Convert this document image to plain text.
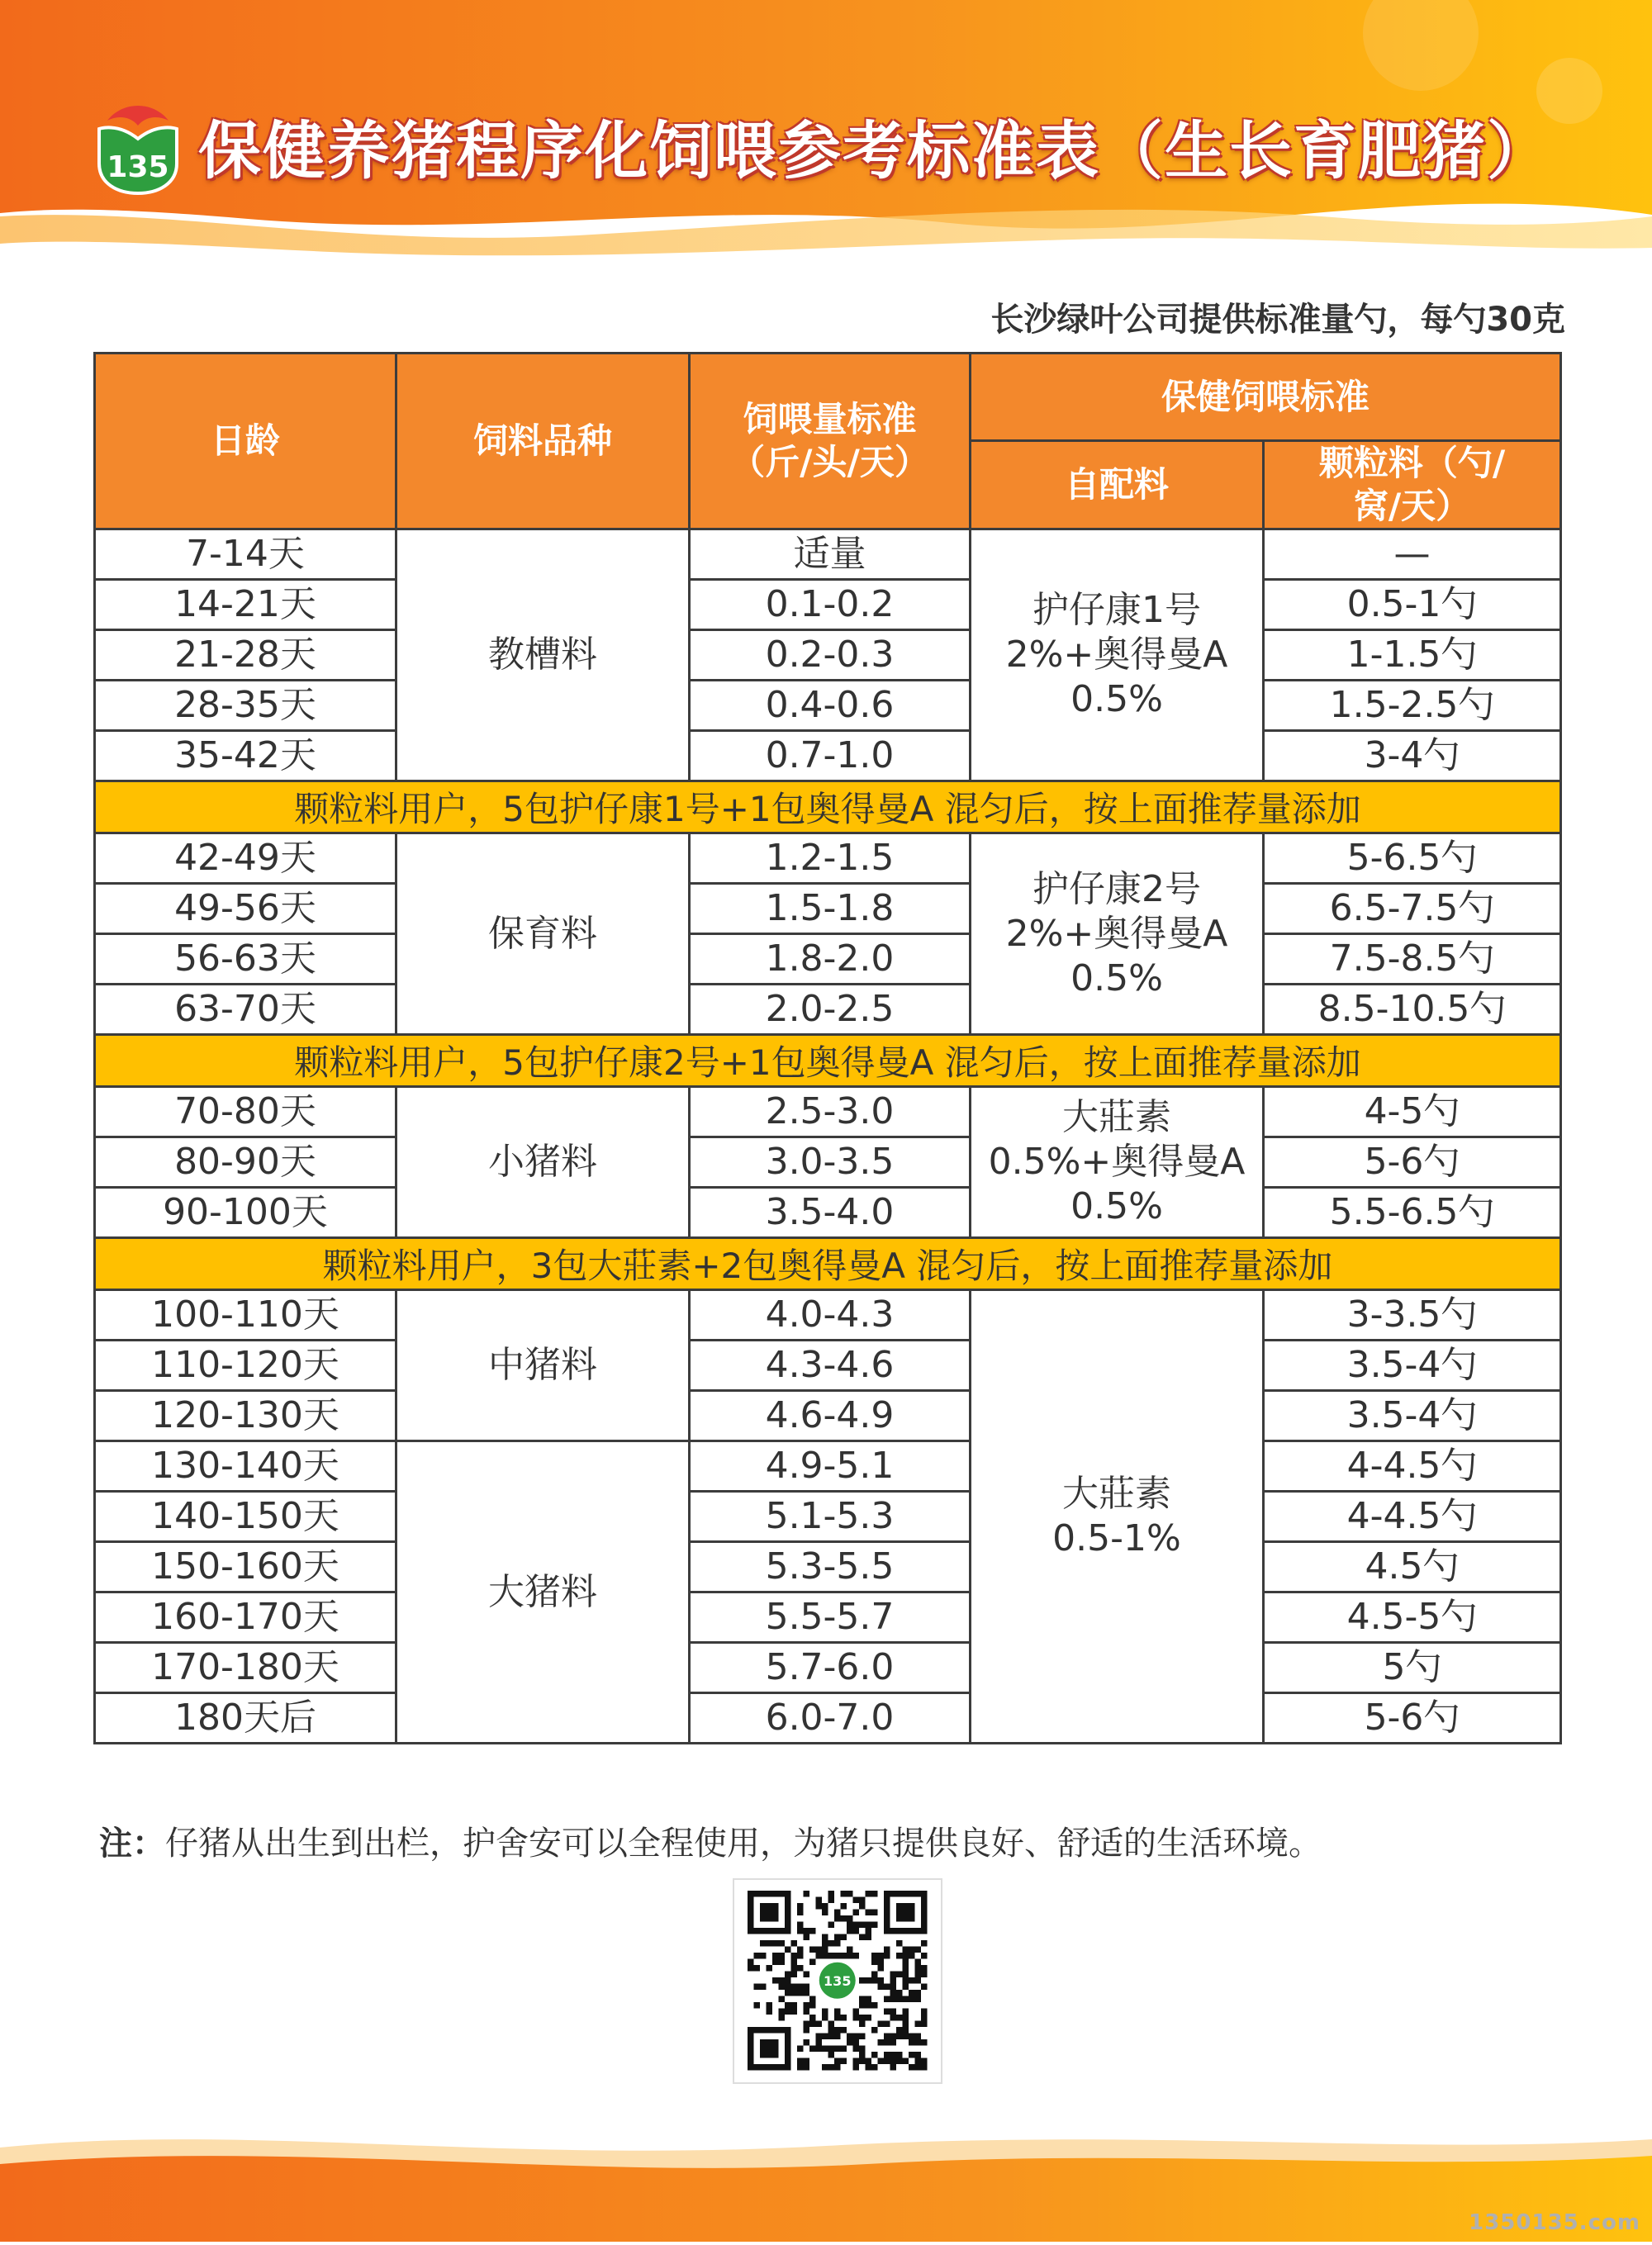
135 保健养猪程序化饲喂参考标准表（生长育肥猪）
长沙绿叶公司提供标准量勺，每勺30克
日龄	饲料品种	饲喂量标准（斤/头/天）	保健饲喂标准	
			自配料	颗粒料（勺/窝/天）
7-14天	教槽料	适量	护仔康1号2%+奥得曼A 0.5%	—
14-21天		0.1-0.2		0.5-1勺
21-28天		0.2-0.3		1-1.5勺
28-35天		0.4-0.6		1.5-2.5勺
35-42天		0.7-1.0		3-4勺
颗粒料用户，5包护仔康1号+1包奥得曼A 混匀后，按上面推荐量添加				
42-49天	保育料	1.2-1.5	护仔康2号2%+奥得曼A 0.5%	5-6.5勺
49-56天		1.5-1.8		6.5-7.5勺
56-63天		1.8-2.0		7.5-8.5勺
63-70天		2.0-2.5		8.5-10.5勺
颗粒料用户，5包护仔康2号+1包奥得曼A 混匀后，按上面推荐量添加				
70-80天	小猪料	2.5-3.0	大莊素0.5%+奥得曼A 0.5%	4-5勺
80-90天		3.0-3.5		5-6勺
90-100天		3.5-4.0		5.5-6.5勺
颗粒料用户，3包大莊素+2包奥得曼A 混匀后，按上面推荐量添加				
100-110天	中猪料	4.0-4.3	大莊素0.5-1%	3-3.5勺
110-120天		4.3-4.6		3.5-4勺
120-130天		4.6-4.9		3.5-4勺
130-140天	大猪料	4.9-5.1		4-4.5勺
140-150天		5.1-5.3		4-4.5勺
150-160天		5.3-5.5		4.5勺
160-170天		5.5-5.7		4.5-5勺
170-180天		5.7-6.0		5勺
180天后		6.0-7.0		5-6勺
注：仔猪从出生到出栏，护舍安可以全程使用，为猪只提供良好、舒适的生活环境。
135
1350135.com
